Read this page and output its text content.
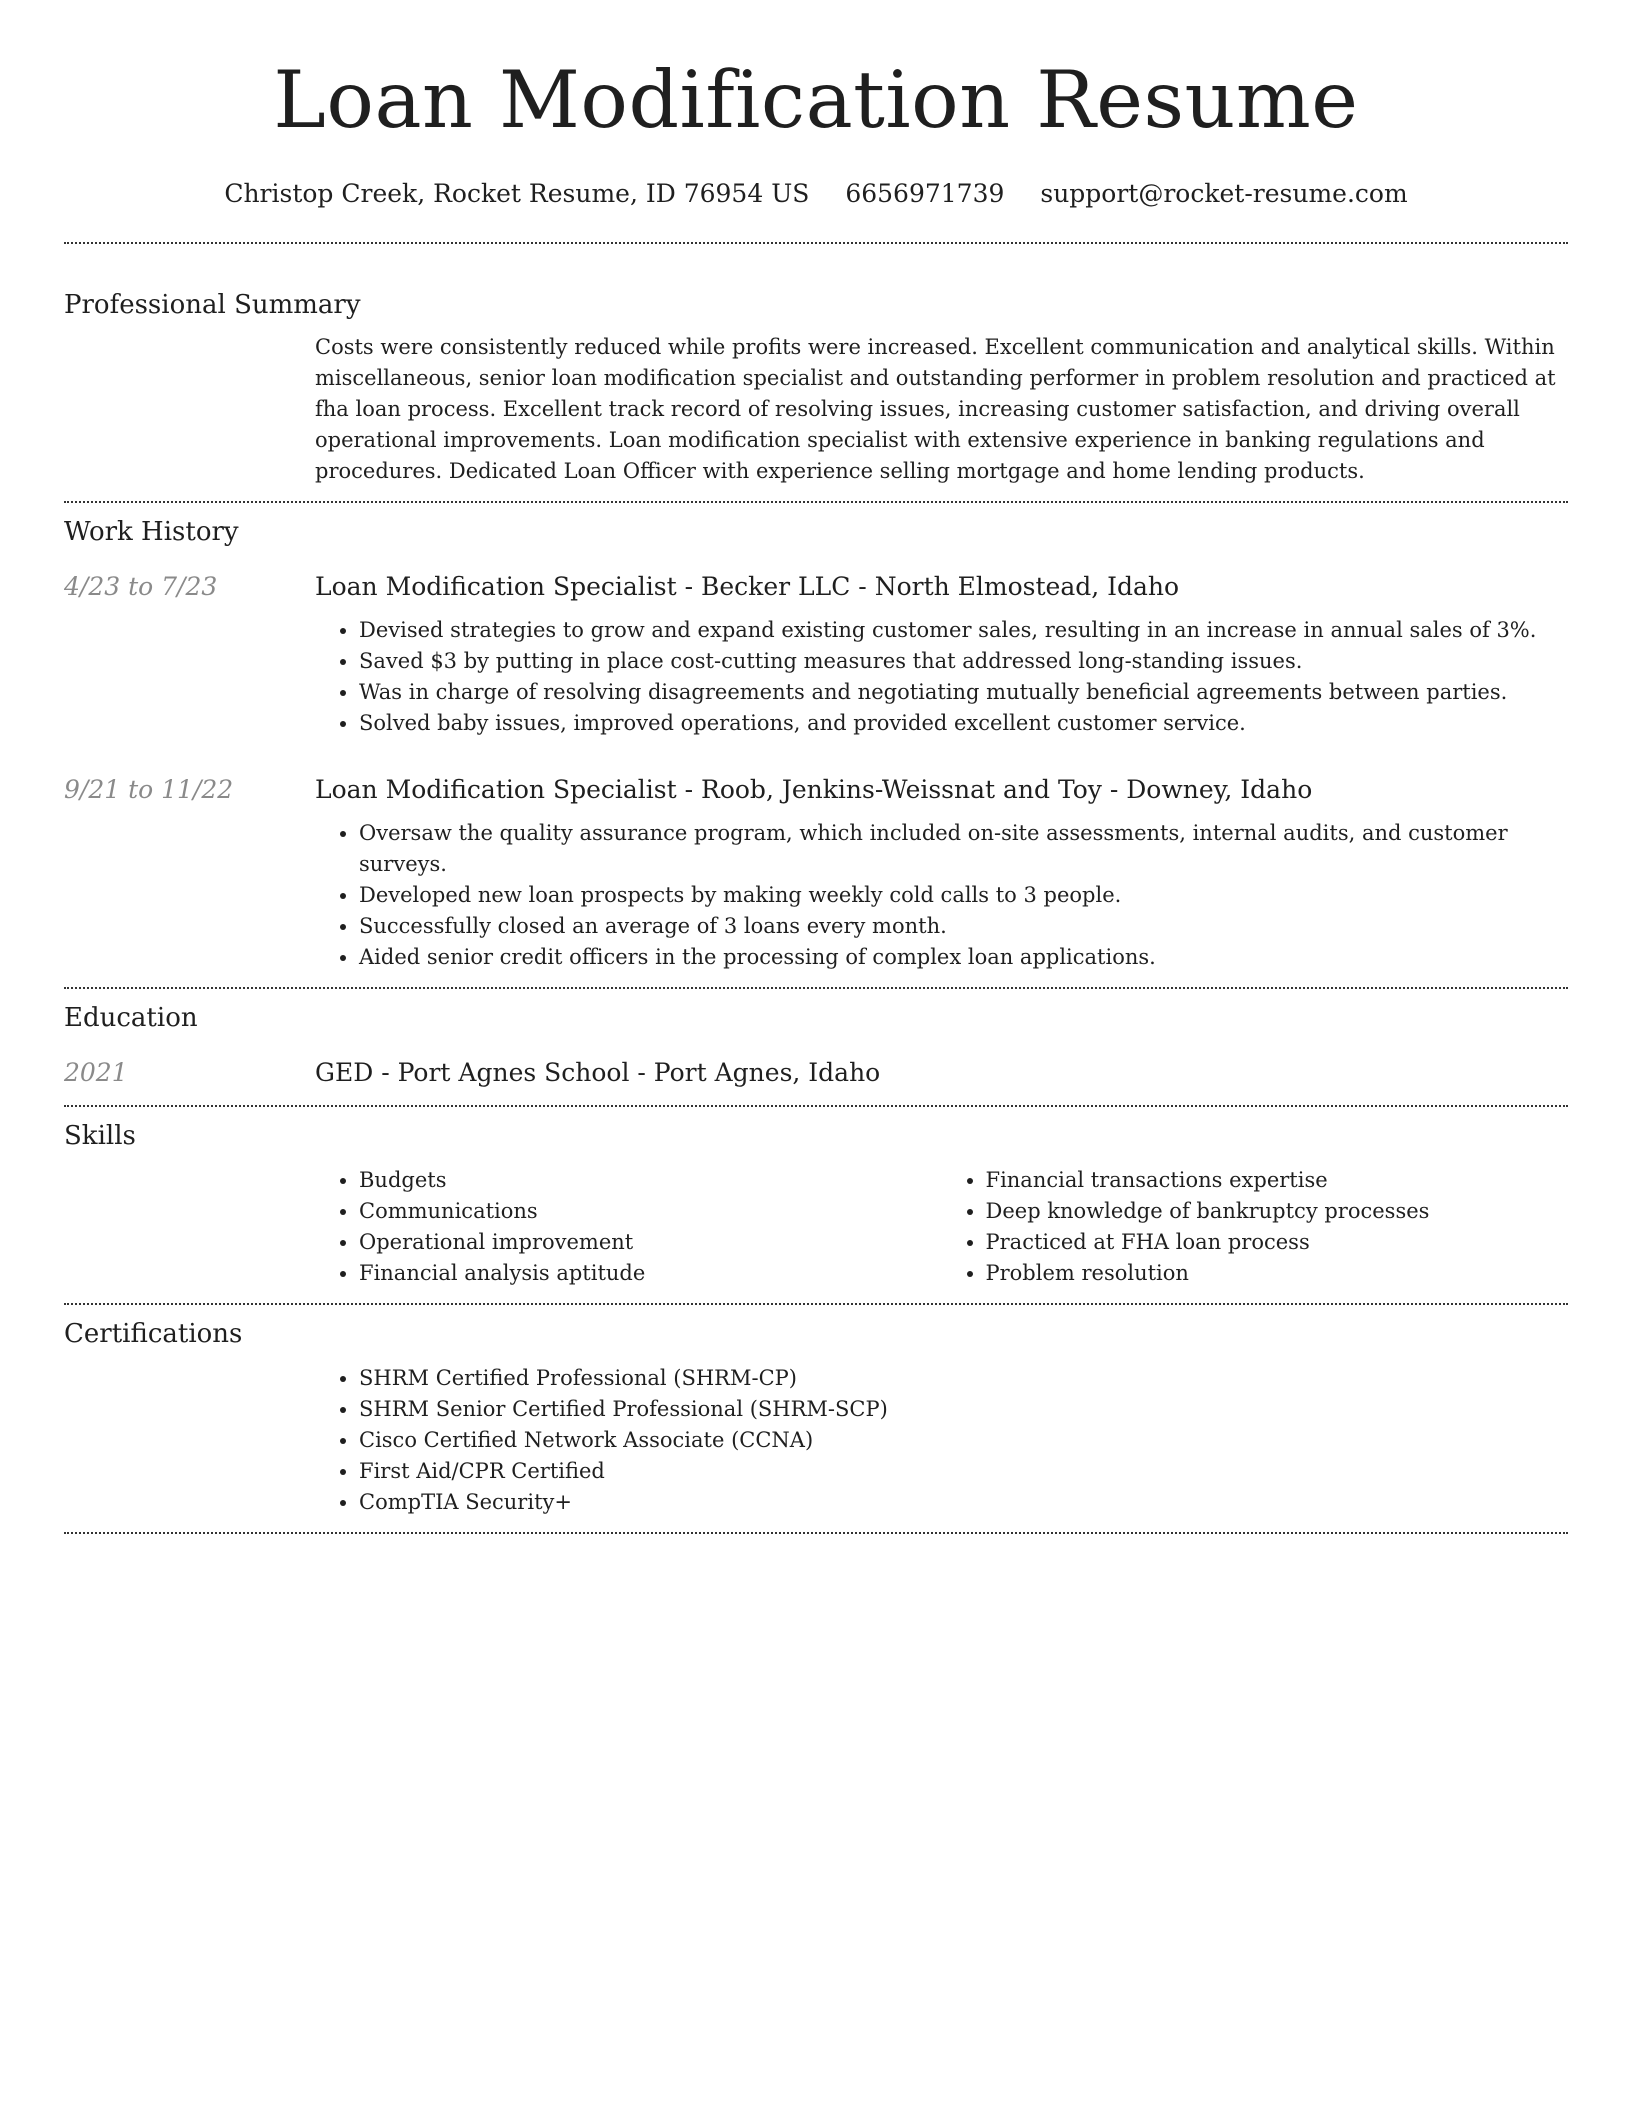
Loan Modification Resume
Christop Creek, Rocket Resume, ID 76954 US 6656971739 support@rocket-resume.com
Professional Summary
Costs were consistently reduced while profits were increased. Excellent communication and analytical skills. Within miscellaneous, senior loan modification specialist and outstanding performer in problem resolution and practiced at fha loan process. Excellent track record of resolving issues, increasing customer satisfaction, and driving overall operational improvements. Loan modification specialist with extensive experience in banking regulations and procedures. Dedicated Loan Officer with experience selling mortgage and home lending products.
Work History
4/23 to 7/23	Loan Modification Specialist - Becker LLC - North Elmostead, Idaho
• Devised strategies to grow and expand existing customer sales, resulting in an increase in annual sales of 3%.
• Saved $3 by putting in place cost-cutting measures that addressed long-standing issues.
• Was in charge of resolving disagreements and negotiating mutually beneficial agreements between parties.
• Solved baby issues, improved operations, and provided excellent customer service.
9/21 to 11/22	Loan Modification Specialist - Roob, Jenkins-Weissnat and Toy - Downey, Idaho
• Oversaw the quality assurance program, which included on-site assessments, internal audits, and customer surveys.
• Developed new loan prospects by making weekly cold calls to 3 people.
• Successfully closed an average of 3 loans every month.
• Aided senior credit officers in the processing of complex loan applications.
Education
2021	GED - Port Agnes School - Port Agnes, Idaho
Skills
• Budgets
• Communications
• Operational improvement
• Financial analysis aptitude
• Financial transactions expertise
• Deep knowledge of bankruptcy processes
• Practiced at FHA loan process
• Problem resolution
Certifications
• SHRM Certified Professional (SHRM-CP)
• SHRM Senior Certified Professional (SHRM-SCP)
• Cisco Certified Network Associate (CCNA)
• First Aid/CPR Certified
• CompTIA Security+
